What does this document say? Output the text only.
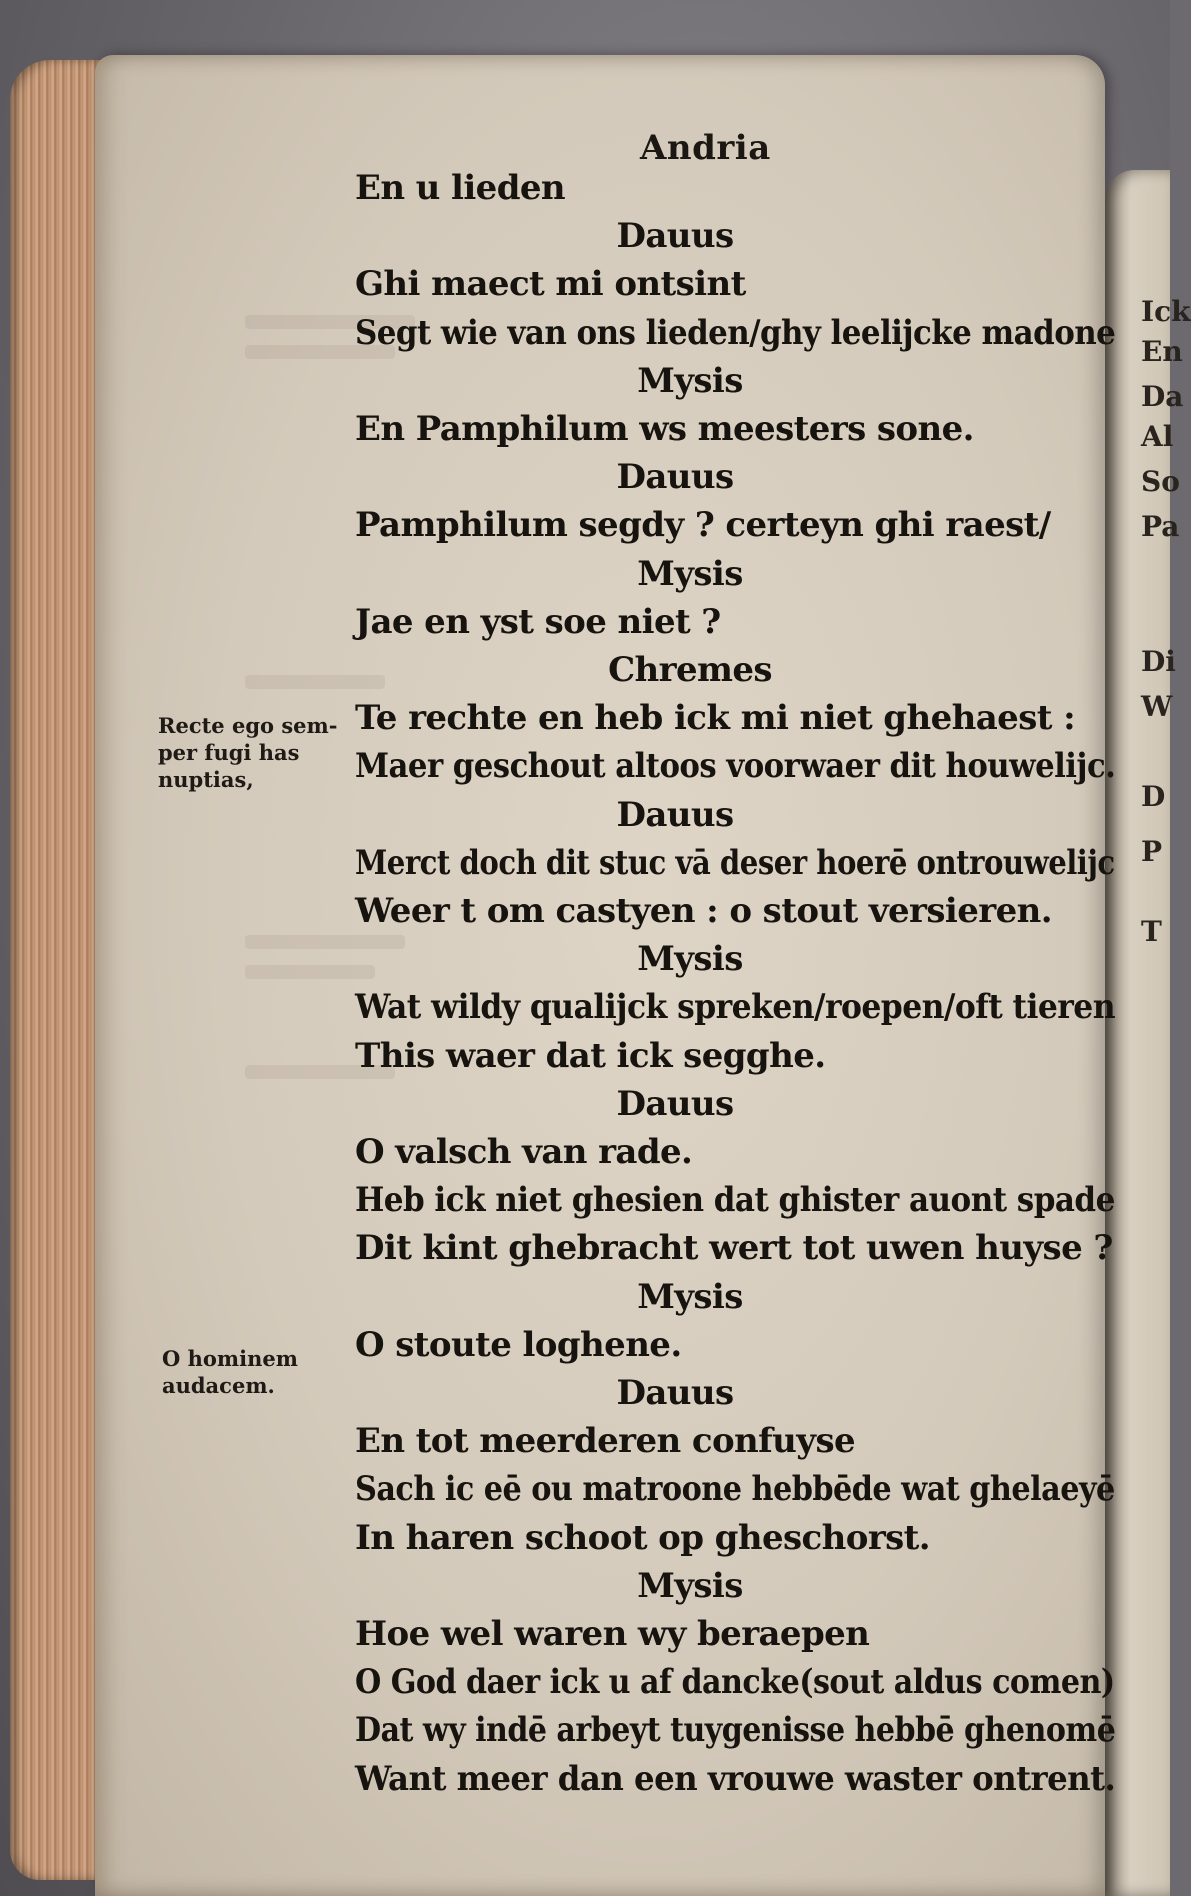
Ick
En
Da
Al
So
Pa
Di
W
D
P
T
Andria
En u lieden
Dauus
Ghi maect mi ontsint
Segt wie van ons lieden/ghy leelijcke madone
Mysis
En Pamphilum ws meesters sone.
Dauus
Pamphilum segdy ? certeyn ghi raest/
Mysis
Jae en yst soe niet ?
Chremes
Te rechte en heb ick mi niet ghehaest :
Maer geschout altoos voorwaer dit houwelijc.
Dauus
Merct doch dit stuc vā deser hoerē ontrouwelijc
Weer t om castyen : o stout versieren.
Mysis
Wat wildy qualijck spreken/roepen/oft tieren
This waer dat ick segghe.
Dauus
O valsch van rade.
Heb ick niet ghesien dat ghister auont spade
Dit kint ghebracht wert tot uwen huyse ?
Mysis
O stoute loghene.
Dauus
En tot meerderen confuyse
Sach ic eē ou matroone hebbēde wat ghelaeyē
In haren schoot op gheschorst.
Mysis
Hoe wel waren wy beraepen
O God daer ick u af dancke(sout aldus comen)
Dat wy indē arbeyt tuygenisse hebbē ghenomē
Want meer dan een vrouwe waster ontrent.
Recte ego sem-
per fugi has
nuptias,
O hominem
audacem.
